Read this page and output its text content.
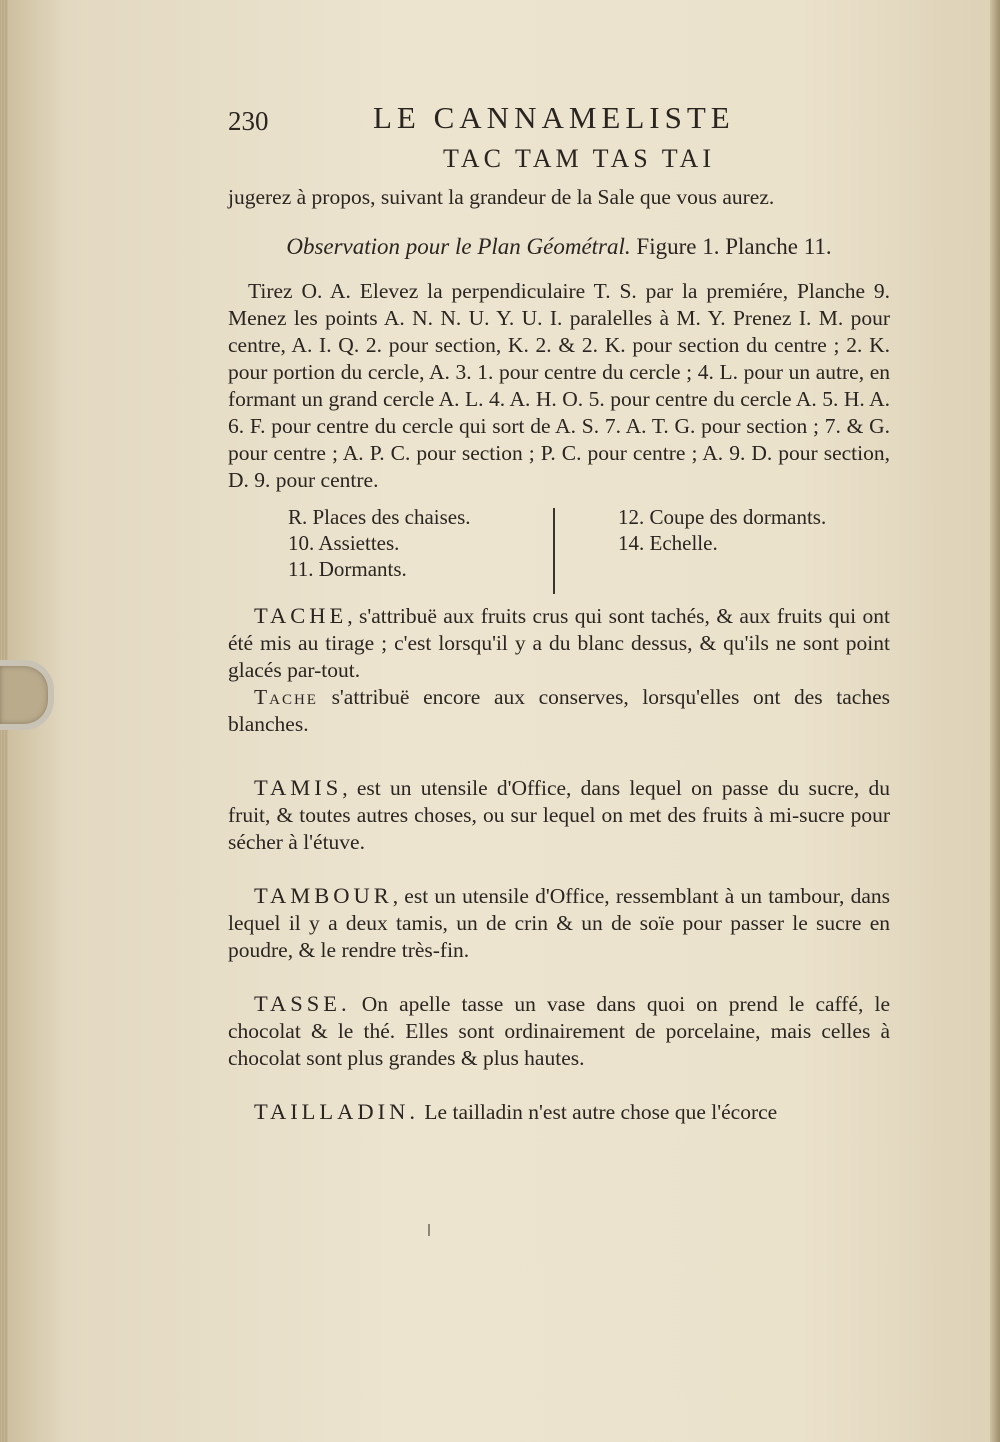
230	LE CANNAMELISTE
TAC TAM TAS TAI

jugerez à propos, suivant la grandeur de la Sale que vous aurez.

Observation pour le Plan Géométral. Figure 1. Planche 11.

Tirez O. A. Elevez la perpendiculaire T. S. par la premiére, Planche 9. Menez les points A. N. N. U. Y. U. I. paralelles à M. Y. Prenez I. M. pour centre, A. I. Q. 2. pour section, K. 2. & 2. K. pour section du centre ; 2. K. pour portion du cercle, A. 3. 1. pour centre du cercle ; 4. L. pour un autre, en formant un grand cercle A. L. 4. A. H. O. 5. pour centre du cercle A. 5. H. A. 6. F. pour centre du cercle qui sort de A. S. 7. A. T. G. pour section ; 7. & G. pour centre ; A. P. C. pour section ; P. C. pour centre ; A. 9. D. pour section, D. 9. pour centre.

R. Places des chaises.
10. Assiettes.
11. Dormants.
12. Coupe des dormants.
14. Echelle.

TACHE, s'attribuë aux fruits crus qui sont tachés, & aux fruits qui ont été mis au tirage ; c'est lorsqu'il y a du blanc dessus, & qu'ils ne sont point glacés par-tout.

Tache s'attribuë encore aux conserves, lorsqu'elles ont des taches blanches.

TAMIS, est un utensile d'Office, dans lequel on passe du sucre, du fruit, & toutes autres choses, ou sur lequel on met des fruits à mi-sucre pour sécher à l'étuve.

TAMBOUR, est un utensile d'Office, ressemblant à un tambour, dans lequel il y a deux tamis, un de crin & un de soïe pour passer le sucre en poudre, & le rendre très-fin.

TASSE. On apelle tasse un vase dans quoi on prend le caffé, le chocolat & le thé. Elles sont ordinairement de porcelaine, mais celles à chocolat sont plus grandes & plus hautes.

TAILLADIN. Le tailladin n'est autre chose que l'écorce
